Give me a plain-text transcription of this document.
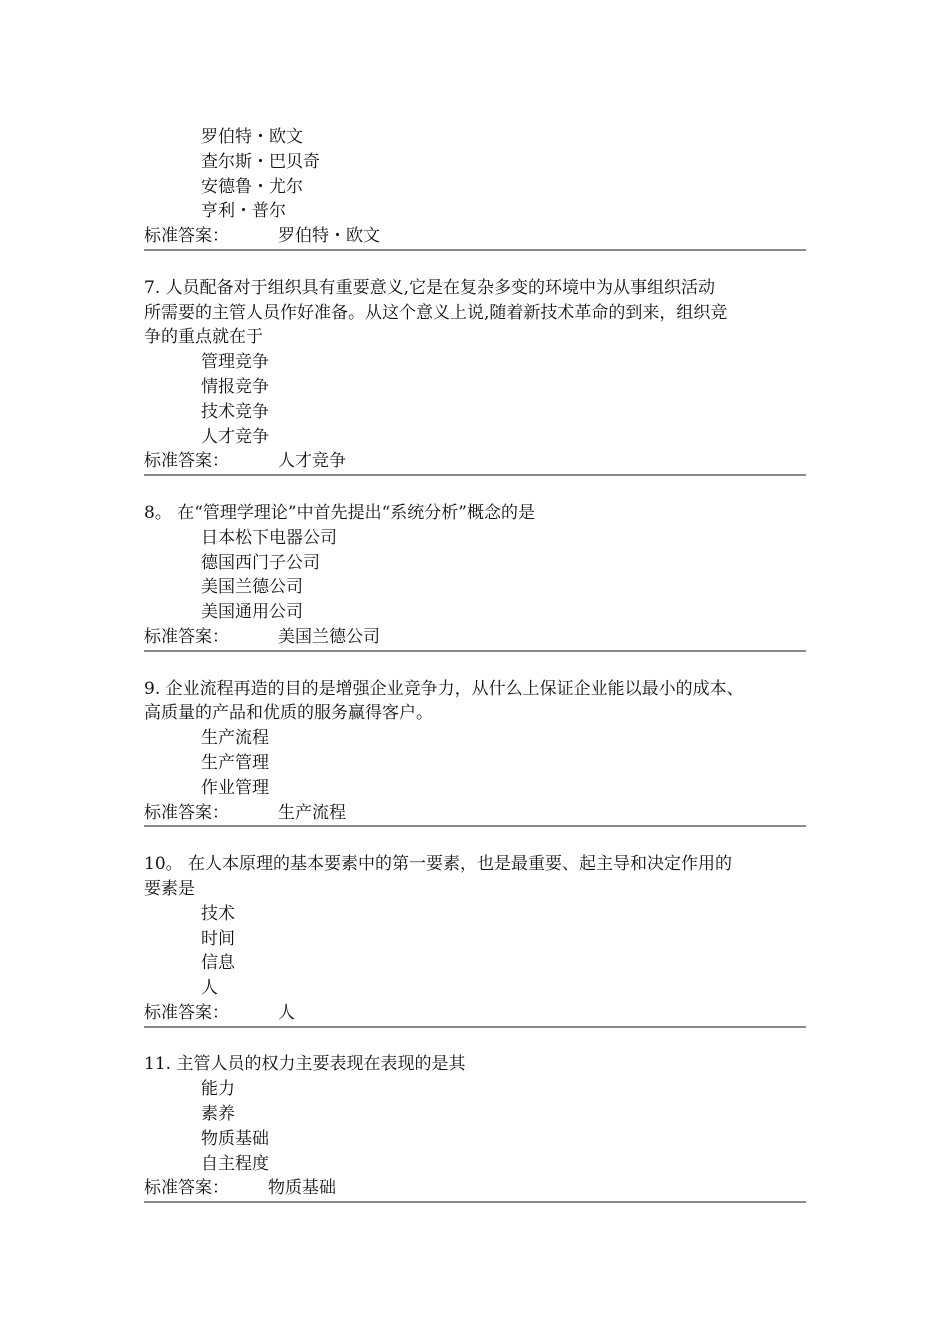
罗伯特・欧文
查尔斯・巴贝奇
安德鲁・尤尔
亨利・普尔
标准答案：	罗伯特・欧文
7. 人员配备对于组织具有重要意义,它是在复杂多变的环境中为从事组织活动
所需要的主管人员作好准备。从这个意义上说,随着新技术革命的到来，组织竞
争的重点就在于
管理竞争
情报竞争
技术竞争
人才竞争
标准答案：	人才竞争
8。 在“管理学理论”中首先提出“系统分析”概念的是
日本松下电器公司
德国西门子公司
美国兰德公司
美国通用公司
标准答案：	美国兰德公司
9. 企业流程再造的目的是增强企业竞争力，从什么上保证企业能以最小的成本、
高质量的产品和优质的服务赢得客户。
生产流程
生产管理
作业管理
标准答案：	生产流程
10。 在人本原理的基本要素中的第一要素，也是最重要、起主导和决定作用的
要素是
技术
时间
信息
人
标准答案：	人
11. 主管人员的权力主要表现在表现的是其
能力
素养
物质基础
自主程度
标准答案：	物质基础
